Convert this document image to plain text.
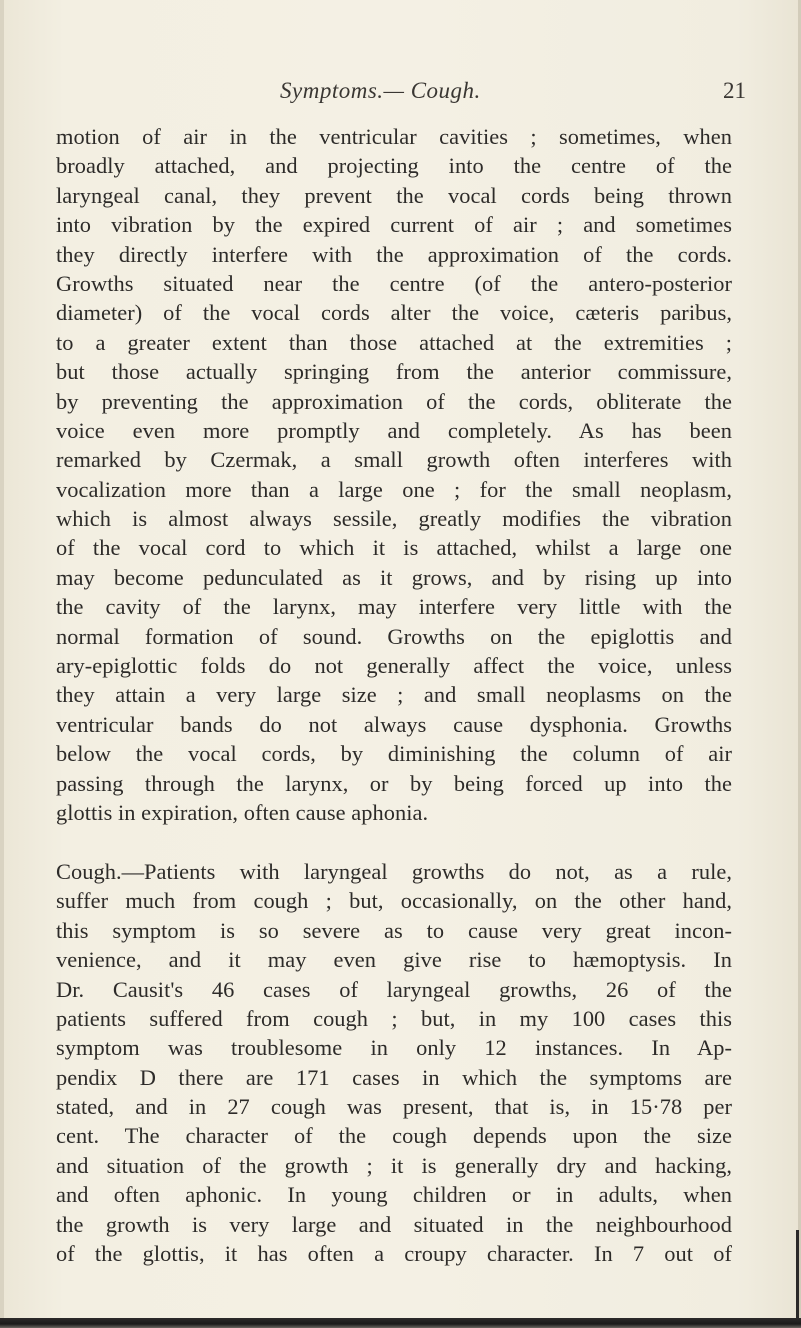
Symptoms.— Cough.	21
motion of air in the ventricular cavities ; sometimes, when
broadly attached, and projecting into the centre of the
laryngeal canal, they prevent the vocal cords being thrown
into vibration by the expired current of air ; and sometimes
they directly interfere with the approximation of the cords.
Growths situated near the centre (of the antero-posterior
diameter) of the vocal cords alter the voice, cæteris paribus,
to a greater extent than those attached at the extremities ;
but those actually springing from the anterior commissure,
by preventing the approximation of the cords, obliterate the
voice even more promptly and completely. As has been
remarked by Czermak, a small growth often interferes with
vocalization more than a large one ; for the small neoplasm,
which is almost always sessile, greatly modifies the vibration
of the vocal cord to which it is attached, whilst a large one
may become pedunculated as it grows, and by rising up into
the cavity of the larynx, may interfere very little with the
normal formation of sound. Growths on the epiglottis and
ary-epiglottic folds do not generally affect the voice, unless
they attain a very large size ; and small neoplasms on the
ventricular bands do not always cause dysphonia. Growths
below the vocal cords, by diminishing the column of air
passing through the larynx, or by being forced up into the
glottis in expiration, often cause aphonia.
Cough.—Patients with laryngeal growths do not, as a rule,
suffer much from cough ; but, occasionally, on the other hand,
this symptom is so severe as to cause very great incon-
venience, and it may even give rise to hæmoptysis. In
Dr. Causit's 46 cases of laryngeal growths, 26 of the
patients suffered from cough ; but, in my 100 cases this
symptom was troublesome in only 12 instances. In Ap-
pendix D there are 171 cases in which the symptoms are
stated, and in 27 cough was present, that is, in 15·78 per
cent. The character of the cough depends upon the size
and situation of the growth ; it is generally dry and hacking,
and often aphonic. In young children or in adults, when
the growth is very large and situated in the neighbourhood
of the glottis, it has often a croupy character. In 7 out of
